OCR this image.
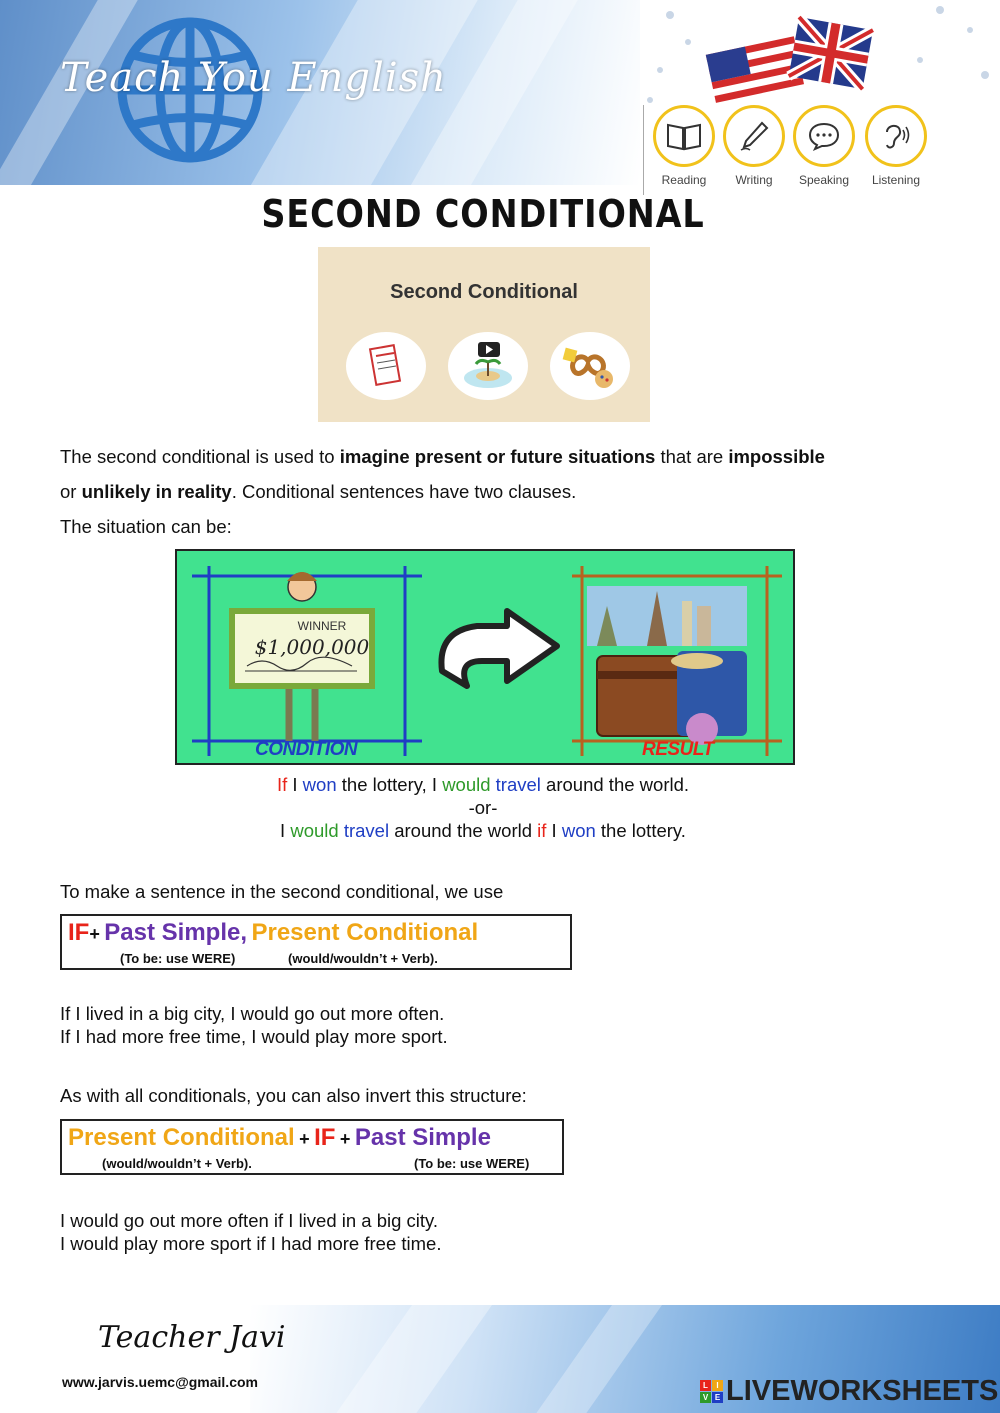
Teach You English
Reading	Writing	Speaking	Listening
SECOND CONDITIONAL
Second Conditional
The second conditional is used to imagine present or future situations that are impossible
or unlikely in reality. Conditional sentences have two clauses.
The situation can be:
WINNER
$1,000,000
CONDITION	RESULT
If I won the lottery, I would travel around the world.
-or-
I would travel around the world if I won the lottery.
To make a sentence in the second conditional, we use
IF+ Past Simple, Present Conditional
(To be: use WERE)	(would/wouldn’t + Verb).
If I lived in a big city, I would go out more often.
If I had more free time, I would play more sport.
As with all conditionals, you can also invert this structure:
Present Conditional + IF + Past Simple
(would/wouldn’t + Verb).	(To be: use WERE)
I would go out more often if I lived in a big city.
I would play more sport if I had more free time.
Teacher Javi
www.jarvis.uemc@gmail.com	L	I
V E LIVEWORKSHEETS
